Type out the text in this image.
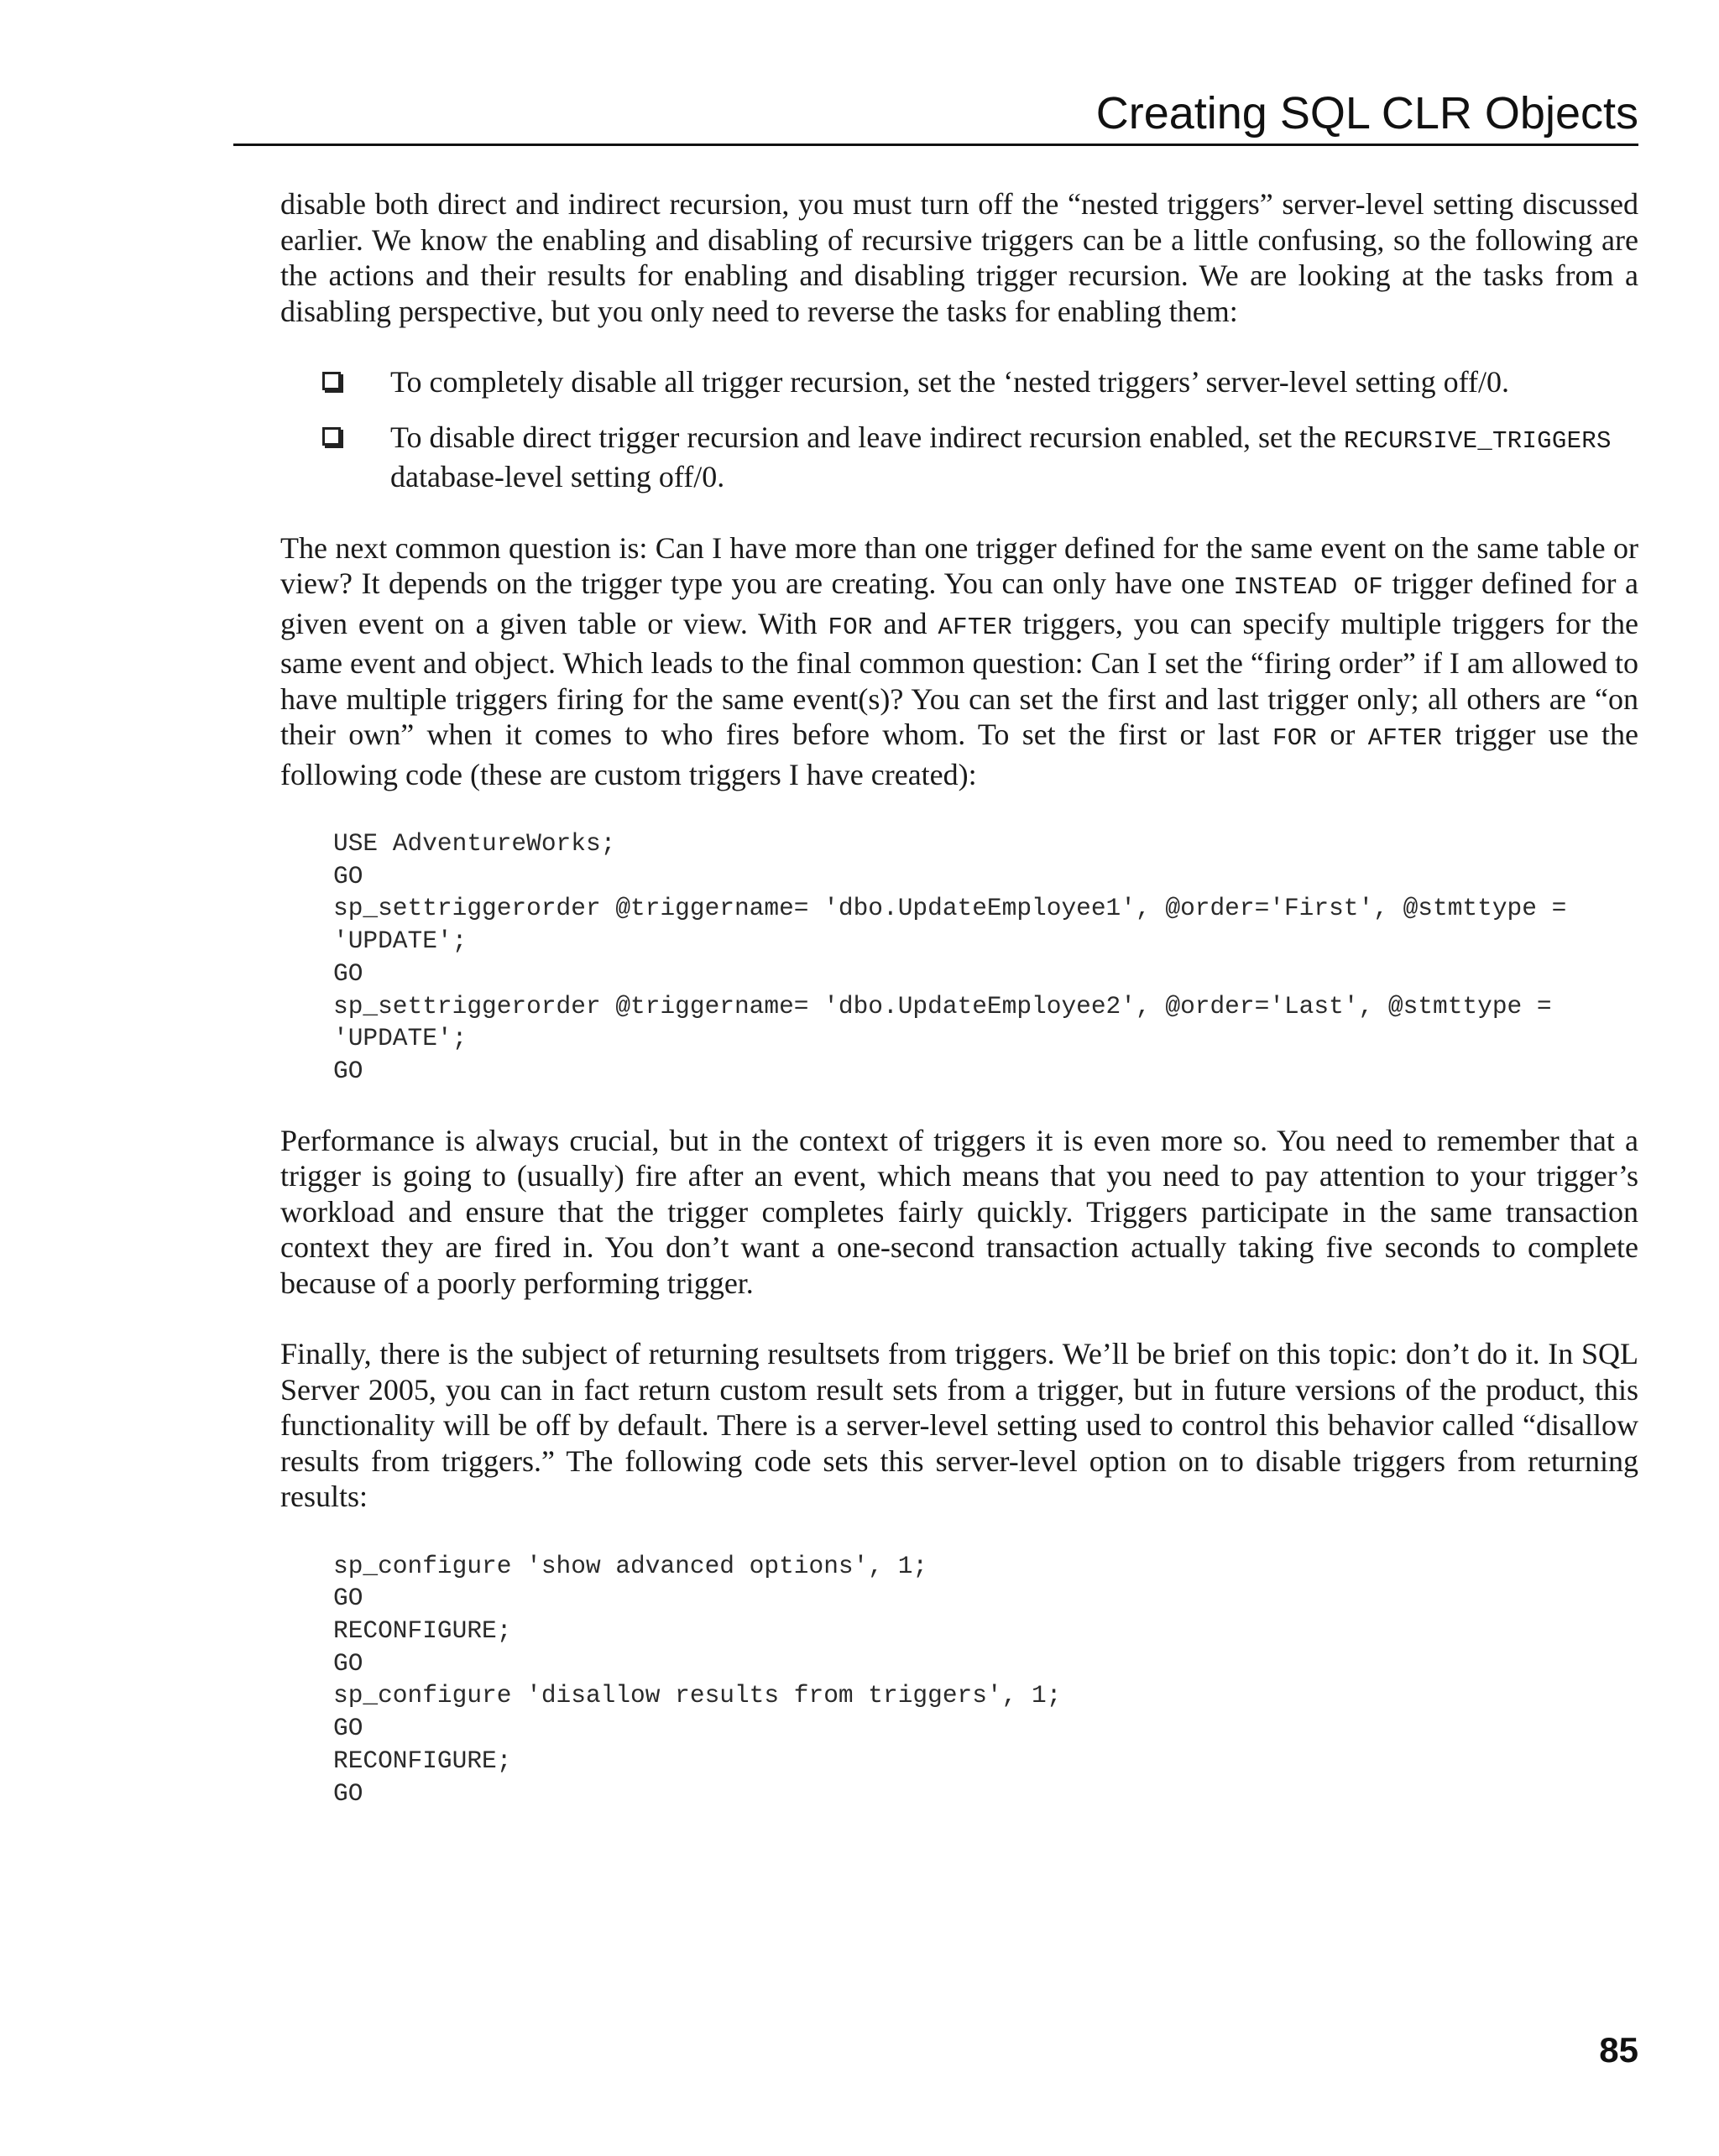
Creating SQL CLR Objects

disable both direct and indirect recursion, you must turn off the “nested triggers” server-level setting discussed earlier. We know the enabling and disabling of recursive triggers can be a little confusing, so the following are the actions and their results for enabling and disabling trigger recursion. We are looking at the tasks from a disabling perspective, but you only need to reverse the tasks for enabling them:

To completely disable all trigger recursion, set the ‘nested triggers’ server-level setting off/0.
To disable direct trigger recursion and leave indirect recursion enabled, set the RECURSIVE_TRIGGERS database-level setting off/0.

The next common question is: Can I have more than one trigger defined for the same event on the same table or view? It depends on the trigger type you are creating. You can only have one INSTEAD OF trigger defined for a given event on a given table or view. With FOR and AFTER triggers, you can specify multiple triggers for the same event and object. Which leads to the final common question: Can I set the “firing order” if I am allowed to have multiple triggers firing for the same event(s)? You can set the first and last trigger only; all others are “on their own” when it comes to who fires before whom. To set the first or last FOR or AFTER trigger use the following code (these are custom triggers I have created):

USE AdventureWorks;
GO
sp_settriggerorder @triggername= 'dbo.UpdateEmployee1', @order='First', @stmttype =
'UPDATE';
GO
sp_settriggerorder @triggername= 'dbo.UpdateEmployee2', @order='Last', @stmttype =
'UPDATE';
GO

Performance is always crucial, but in the context of triggers it is even more so. You need to remember that a trigger is going to (usually) fire after an event, which means that you need to pay attention to your trigger’s workload and ensure that the trigger completes fairly quickly. Triggers participate in the same transaction context they are fired in. You don’t want a one-second transaction actually taking five seconds to complete because of a poorly performing trigger.

Finally, there is the subject of returning resultsets from triggers. We’ll be brief on this topic: don’t do it. In SQL Server 2005, you can in fact return custom result sets from a trigger, but in future versions of the product, this functionality will be off by default. There is a server-level setting used to control this behavior called “disallow results from triggers.” The following code sets this server-level option on to disable triggers from returning results:

sp_configure 'show advanced options', 1;
GO
RECONFIGURE;
GO
sp_configure 'disallow results from triggers', 1;
GO
RECONFIGURE;
GO
85
